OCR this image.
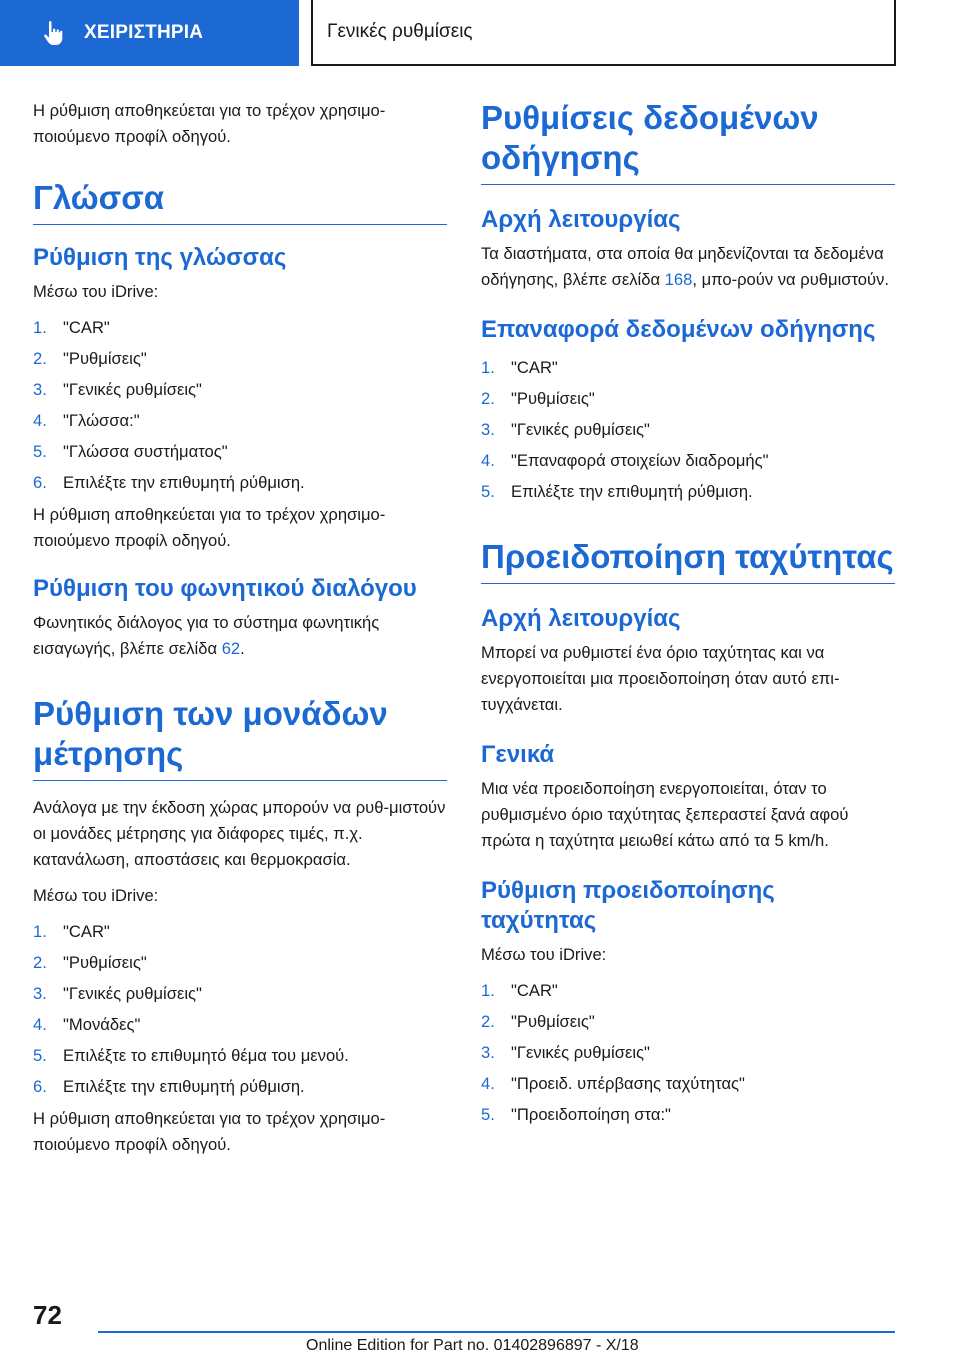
ΧΕΙΡΙΣΤΗΡΙΑ	Γενικές ρυθμίσεις

Η ρύθμιση αποθηκεύεται για το τρέχον χρησιμο-ποιούμενο προφίλ οδηγού.

Γλώσσα
Ρύθμιση της γλώσσας

Μέσω του iDrive:

1. "CAR"
2. "Ρυθμίσεις"
3. "Γενικές ρυθμίσεις"
4. "Γλώσσα:"
5. "Γλώσσα συστήματος"
6. Επιλέξτε την επιθυμητή ρύθμιση.

Η ρύθμιση αποθηκεύεται για το τρέχον χρησιμο-ποιούμενο προφίλ οδηγού.

Ρύθμιση του φωνητικού διαλόγου

Φωνητικός διάλογος για το σύστημα φωνητικής εισαγωγής, βλέπε σελίδα 62.

Ρύθμιση των μονάδων μέτρησης

Ανάλογα με την έκδοση χώρας μπορούν να ρυθ-μιστούν οι μονάδες μέτρησης για διάφορες τιμές, π.χ. κατανάλωση, αποστάσεις και θερμοκρασία.

Μέσω του iDrive:

1. "CAR"
2. "Ρυθμίσεις"
3. "Γενικές ρυθμίσεις"
4. "Μονάδες"
5. Επιλέξτε το επιθυμητό θέμα του μενού.
6. Επιλέξτε την επιθυμητή ρύθμιση.

Η ρύθμιση αποθηκεύεται για το τρέχον χρησιμο-ποιούμενο προφίλ οδηγού.

Ρυθμίσεις δεδομένων οδήγησης
Αρχή λειτουργίας

Τα διαστήματα, στα οποία θα μηδενίζονται τα δεδομένα οδήγησης, βλέπε σελίδα 168, μπο-ρούν να ρυθμιστούν.

Επαναφορά δεδομένων οδήγησης
1. "CAR"
2. "Ρυθμίσεις"
3. "Γενικές ρυθμίσεις"
4. "Επαναφορά στοιχείων διαδρομής"
5. Επιλέξτε την επιθυμητή ρύθμιση.
Προειδοποίηση ταχύτητας
Αρχή λειτουργίας

Μπορεί να ρυθμιστεί ένα όριο ταχύτητας και να ενεργοποιείται μια προειδοποίηση όταν αυτό επι-τυγχάνεται.

Γενικά

Μια νέα προειδοποίηση ενεργοποιείται, όταν το ρυθμισμένο όριο ταχύτητας ξεπεραστεί ξανά αφού πρώτα η ταχύτητα μειωθεί κάτω από τα 5 km/h.

Ρύθμιση προειδοποίησης ταχύτητας

Μέσω του iDrive:

1. "CAR"
2. "Ρυθμίσεις"
3. "Γενικές ρυθμίσεις"
4. "Προειδ. υπέρβασης ταχύτητας"
5. "Προειδοποίηση στα:"
72
Online Edition for Part no. 01402896897 - X/18
